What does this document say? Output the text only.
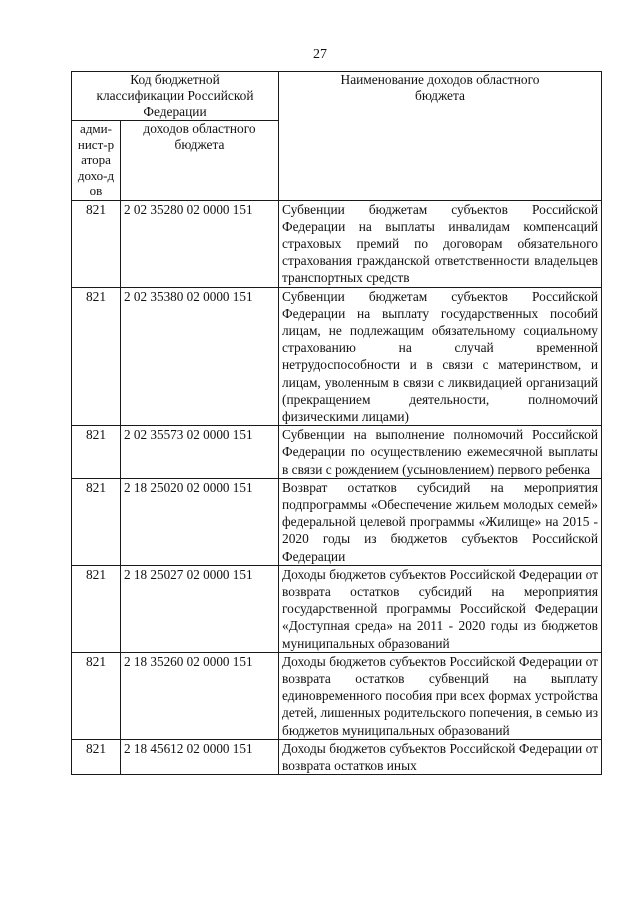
27
Код бюджетной классификации Российской Федерации		Наименование доходов областного бюджета

адми-нист-ратора дохо-дов	доходов областного бюджета	

821	2 02 35280 02 0000 151	Субвенции бюджетам субъектов Российской Федерации на выплаты инвалидам компенсаций страховых премий по договорам обязательного страхования гражданской ответственности владельцев транспортных средств
821	2 02 35380 02 0000 151	Субвенции бюджетам субъектов Российской Федерации на выплату государственных пособий лицам, не подлежащим обязательному социальному страхованию на случай временной нетрудоспособности и в связи с материнством, и лицам, уволенным в связи с ликвидацией организаций (прекращением деятельности, полномочий физическими лицами)
821	2 02 35573 02 0000 151	Субвенции на выполнение полномочий Российской Федерации по осуществлению ежемесячной выплаты в связи с рождением (усыновлением) первого ребенка
821	2 18 25020 02 0000 151	Возврат остатков субсидий на мероприятия подпрограммы «Обеспечение жильем молодых семей» федеральной целевой программы «Жилище» на 2015 - 2020 годы из бюджетов субъектов Российской Федерации
821	2 18 25027 02 0000 151	Доходы бюджетов субъектов Российской Федерации от возврата остатков субсидий на мероприятия государственной программы Российской Федерации «Доступная среда» на 2011 - 2020 годы из бюджетов муниципальных образований
821	2 18 35260 02 0000 151	Доходы бюджетов субъектов Российской Федерации от возврата остатков субвенций на выплату единовременного пособия при всех формах устройства детей, лишенных родительского попечения, в семью из бюджетов муниципальных образований
821	2 18 45612 02 0000 151	Доходы бюджетов субъектов Российской Федерации от возврата остатков иных
